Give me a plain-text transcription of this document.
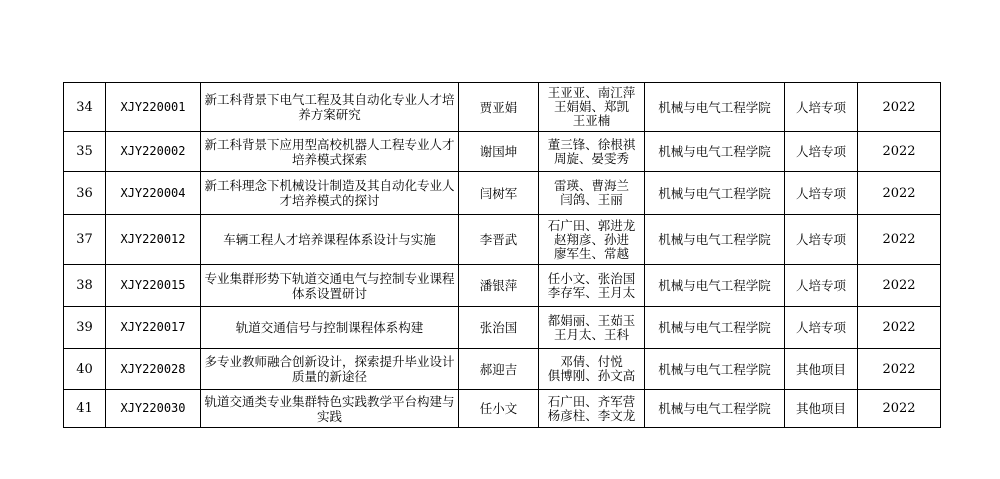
34	XJY220001	新工科背景下电气工程及其自动化专业人才培养方案研究	贾亚娟	王亚亚、南江萍
王娟娟、郑凯
王亚楠	机械与电气工程学院	人培专项	2022
35	XJY220002	新工科背景下应用型高校机器人工程专业人才培养模式探索	谢国坤	董三锋、徐根祺
周旋、晏雯秀	机械与电气工程学院	人培专项	2022
36	XJY220004	新工科理念下机械设计制造及其自动化专业人才培养模式的探讨	闫树军	雷瑛、曹海兰
闫鸽、王丽	机械与电气工程学院	人培专项	2022
37	XJY220012	车辆工程人才培养课程体系设计与实施	李晋武	石广田、郭进龙
赵翔彦、孙进
廖军生、常越	机械与电气工程学院	人培专项	2022
38	XJY220015	专业集群形势下轨道交通电气与控制专业课程体系设置研讨	潘银萍	任小文、张治国
李存军、王月太	机械与电气工程学院	人培专项	2022
39	XJY220017	轨道交通信号与控制课程体系构建	张治国	都娟丽、王茹玉
王月太、王科	机械与电气工程学院	人培专项	2022
40	XJY220028	多专业教师融合创新设计，探索提升毕业设计质量的新途径	郝迎吉	邓倩、付悦
俱博刚、孙文高	机械与电气工程学院	其他项目	2022
41	XJY220030	轨道交通类专业集群特色实践教学平台构建与实践	任小文	石广田、齐军营
杨彦柱、李文龙	机械与电气工程学院	其他项目	2022
